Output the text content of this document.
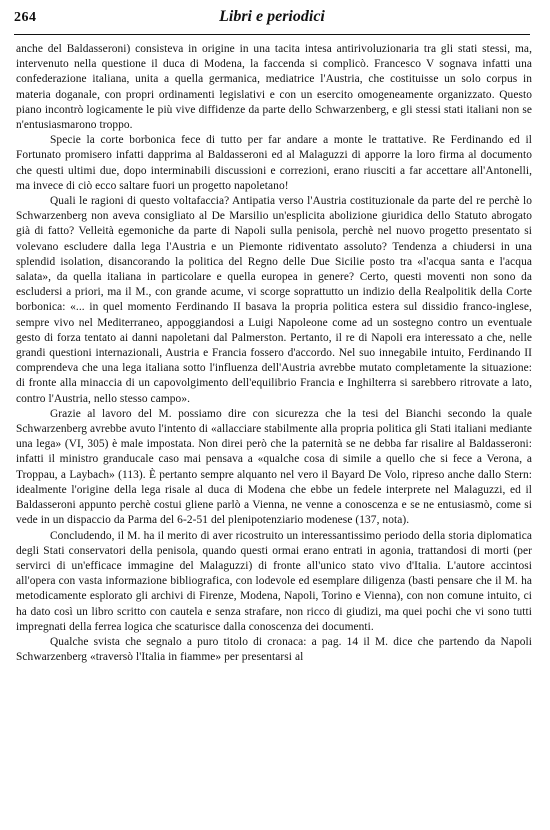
264	Libri e periodici

anche del Baldasseroni) consisteva in origine in una tacita intesa antirivoluzionaria tra gli stati stessi, ma, intervenuto nella questione il duca di Modena, la faccenda si complicò. Francesco V sognava infatti una confederazione italiana, unita a quella germanica, mediatrice l'Austria, che costituisse un solo corpus in materia doganale, con propri ordinamenti legislativi e con un esercito omogeneamente organizzato. Questo piano incontrò logicamente le più vive diffidenze da parte dello Schwarzenberg, e gli stessi stati italiani non se n'entusiasmarono troppo.

Specie la corte borbonica fece di tutto per far andare a monte le trattative. Re Ferdinando ed il Fortunato promisero infatti dapprima al Baldasseroni ed al Malaguzzi di apporre la loro firma al documento che questi ultimi due, dopo interminabili discussioni e correzioni, erano riusciti a far accettare all'Antonelli, ma invece di ciò ecco saltare fuori un progetto napoletano!

Quali le ragioni di questo voltafaccia? Antipatia verso l'Austria costituzionale da parte del re perchè lo Schwarzenberg non aveva consigliato al De Marsilio un'esplicita abolizione giuridica dello Statuto abrogato già di fatto? Velleità egemoniche da parte di Napoli sulla penisola, perchè nel nuovo progetto presentato si volevano escludere dalla lega l'Austria e un Piemonte ridiventato assoluto? Tendenza a chiudersi in una splendid isolation, disancorando la politica del Regno delle Due Sicilie posto tra «l'acqua santa e l'acqua salata», da quella italiana in particolare e quella europea in genere? Certo, questi moventi non sono da escludersi a priori, ma il M., con grande acume, vi scorge soprattutto un indizio della Realpolitik della Corte borbonica: «... in quel momento Ferdinando II basava la propria politica estera sul dissidio franco-inglese, sempre vivo nel Mediterraneo, appoggiandosi a Luigi Napoleone come ad un sostegno contro un eventuale gesto di forza tentato ai danni napoletani dal Palmerston. Pertanto, il re di Napoli era interessato a che, nelle grandi questioni internazionali, Austria e Francia fossero d'accordo. Nel suo innegabile intuito, Ferdinando II comprendeva che una lega italiana sotto l'influenza dell'Austria avrebbe mutato completamente la situazione: di fronte alla minaccia di un capovolgimento dell'equilibrio Francia e Inghilterra si sarebbero ritrovate a lato, contro l'Austria, nello stesso campo».

Grazie al lavoro del M. possiamo dire con sicurezza che la tesi del Bianchi secondo la quale Schwarzenberg avrebbe avuto l'intento di «allacciare stabilmente alla propria politica gli Stati italiani mediante una lega» (VI, 305) è male impostata. Non direi però che la paternità se ne debba far risalire al Baldasseroni: infatti il ministro granducale caso mai pensava a «qualche cosa di simile a quello che si fece a Verona, a Troppau, a Laybach» (113). È pertanto sempre alquanto nel vero il Bayard De Volo, ripreso anche dallo Stern: idealmente l'origine della lega risale al duca di Modena che ebbe un fedele interprete nel Malaguzzi, ed il Baldasseroni appunto perchè costui gliene parlò a Vienna, ne venne a conoscenza e se ne entusiasmò, come si vede in un dispaccio da Parma del 6-2-51 del plenipotenziario modenese (137, nota).

Concludendo, il M. ha il merito di aver ricostruito un interessantissimo periodo della storia diplomatica degli Stati conservatori della penisola, quando questi ormai erano entrati in agonia, trattandosi di morti (per servirci di un'efficace immagine del Malaguzzi) di fronte all'unico stato vivo d'Italia. L'autore accintosi all'opera con vasta informazione bibliografica, con lodevole ed esemplare diligenza (basti pensare che il M. ha metodicamente esplorato gli archivi di Firenze, Modena, Napoli, Torino e Vienna), con non comune intuito, ci ha dato così un libro scritto con cautela e senza strafare, non ricco di giudizi, ma quei pochi che vi sono tutti impregnati della ferrea logica che scaturisce dalla conoscenza dei documenti.

Qualche svista che segnalo a puro titolo di cronaca: a pag. 14 il M. dice che partendo da Napoli Schwarzenberg «traversò l'Italia in fiamme» per presentarsi al
